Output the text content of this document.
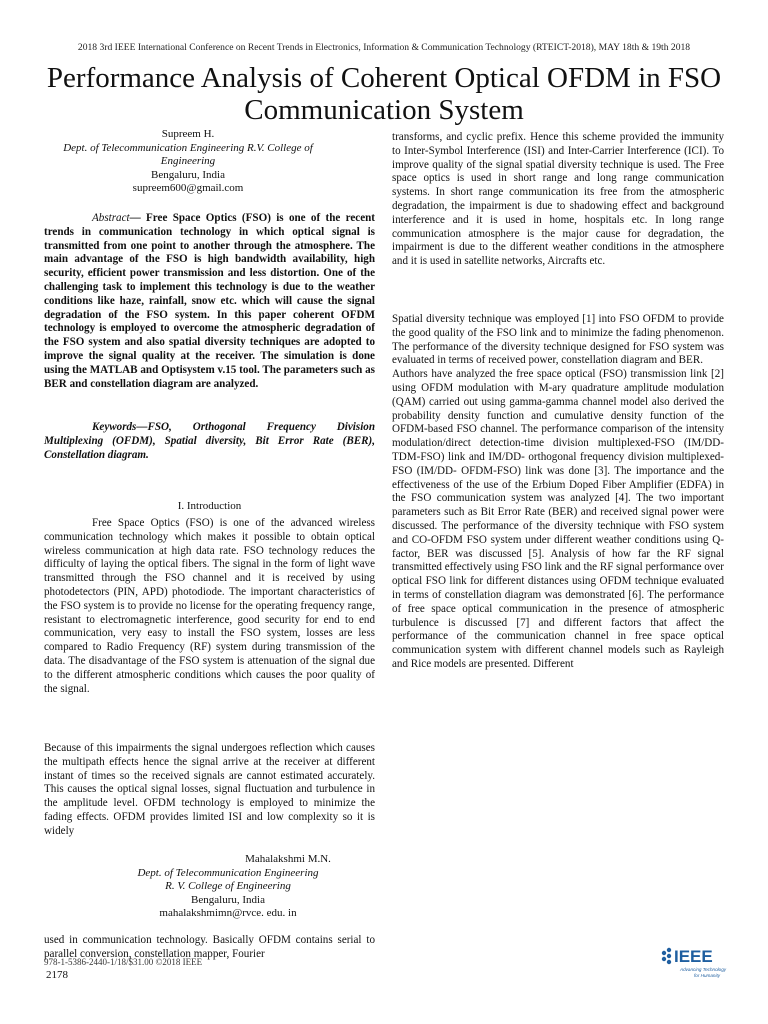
2018 3rd IEEE International Conference on Recent Trends in Electronics, Information & Communication Technology (RTEICT-2018), MAY 18th & 19th 2018
Performance Analysis of Coherent Optical OFDM in FSO Communication System
Supreem H.
Dept. of Telecommunication Engineering R.V. College of Engineering
Bengaluru, India
supreem600@gmail.com

Abstract— Free Space Optics (FSO) is one of the recent trends in communication technology in which optical signal is transmitted from one point to another through the atmosphere. The main advantage of the FSO is high bandwidth availability, high security, efficient power transmission and less distortion. One of the challenging task to implement this technology is due to the weather conditions like haze, rainfall, snow etc. which will cause the signal degradation of the FSO system. In this paper coherent OFDM technology is employed to overcome the atmospheric degradation of the FSO system and also spatial diversity techniques are adopted to improve the signal quality at the receiver. The simulation is done using the MATLAB and Optisystem v.15 tool. The parameters such as BER and constellation diagram are analyzed.

Keywords—FSO, Orthogonal Frequency Division Multiplexing (OFDM), Spatial diversity, Bit Error Rate (BER), Constellation diagram.

I. Introduction

Free Space Optics (FSO) is one of the advanced wireless communication technology which makes it possible to obtain optical wireless communication at high data rate. FSO technology reduces the difficulty of laying the optical fibers. The signal in the form of light wave transmitted through the FSO channel and it is received by using photodetectors (PIN, APD) photodiode. The important characteristics of the FSO system is to provide no license for the operating frequency range, resistant to electromagnetic interference, good security for end to end communication, very easy to install the FSO system, losses are less compared to Radio Frequency (RF) system during transmission of the data. The disadvantage of the FSO system is attenuation of the signal due to the different atmospheric conditions which causes the poor quality of the signal.

Because of this impairments the signal undergoes reflection which causes the multipath effects hence the signal arrive at the receiver at different instant of times so the received signals are cannot estimated accurately. This causes the optical signal losses, signal fluctuation and turbulence in the amplitude level. OFDM technology is employed to minimize the fading effects. OFDM provides limited ISI and low complexity so it is widely

Mahalakshmi M.N.
Dept. of Telecommunication Engineering
R. V. College of Engineering
Bengaluru, India
mahalakshmimn@rvce. edu. in

used in communication technology. Basically OFDM contains serial to parallel conversion, constellation mapper, Fourier

transforms, and cyclic prefix. Hence this scheme provided the immunity to Inter-Symbol Interference (ISI) and Inter-Carrier Interference (ICI). To improve quality of the signal spatial diversity technique is used. The Free space optics is used in short range and long range communication systems. In short range communication its free from the atmospheric degradation, the impairment is due to shadowing effect and background interference and it is used in home, hospitals etc. In long range communication atmosphere is the major cause for degradation, the impairment is due to the different weather conditions in the atmosphere and it is used in satellite networks, Aircrafts etc.

Spatial diversity technique was employed [1] into FSO OFDM to provide the good quality of the FSO link and to minimize the fading phenomenon. The performance of the diversity technique designed for FSO system was evaluated in terms of received power, constellation diagram and BER.

Authors have analyzed the free space optical (FSO) transmission link [2] using OFDM modulation with M-ary quadrature amplitude modulation (QAM) carried out using gamma-gamma channel model also derived the probability density function and cumulative density function of the OFDM-based FSO channel. The performance comparison of the intensity modulation/direct detection-time division multiplexed-FSO (IM/DD-TDM-FSO) link and IM/DD- orthogonal frequency division multiplexed-FSO (IM/DD- OFDM-FSO) link was done [3]. The importance and the effectiveness of the use of the Erbium Doped Fiber Amplifier (EDFA) in the FSO communication system was analyzed [4]. The two important parameters such as Bit Error Rate (BER) and received signal power were discussed. The performance of the diversity technique with FSO system and CO-OFDM FSO system under different weather conditions using Q-factor, BER was discussed [5]. Analysis of how far the RF signal transmitted effectively using FSO link and the RF signal performance over optical FSO link for different distances using OFDM technique evaluated in terms of constellation diagram was demonstrated [6]. The performance of free space optical communication in the presence of atmospheric turbulence is discussed [7] and different factors that affect the performance of the communication channel in free space optical communication system with different channel models such as Rayleigh and Rice models are presented. Different

978-1-5386-2440-1/18/$31.00 ©2018 IEEE
2178
IEEE
Advancing Technology
for Humanity
